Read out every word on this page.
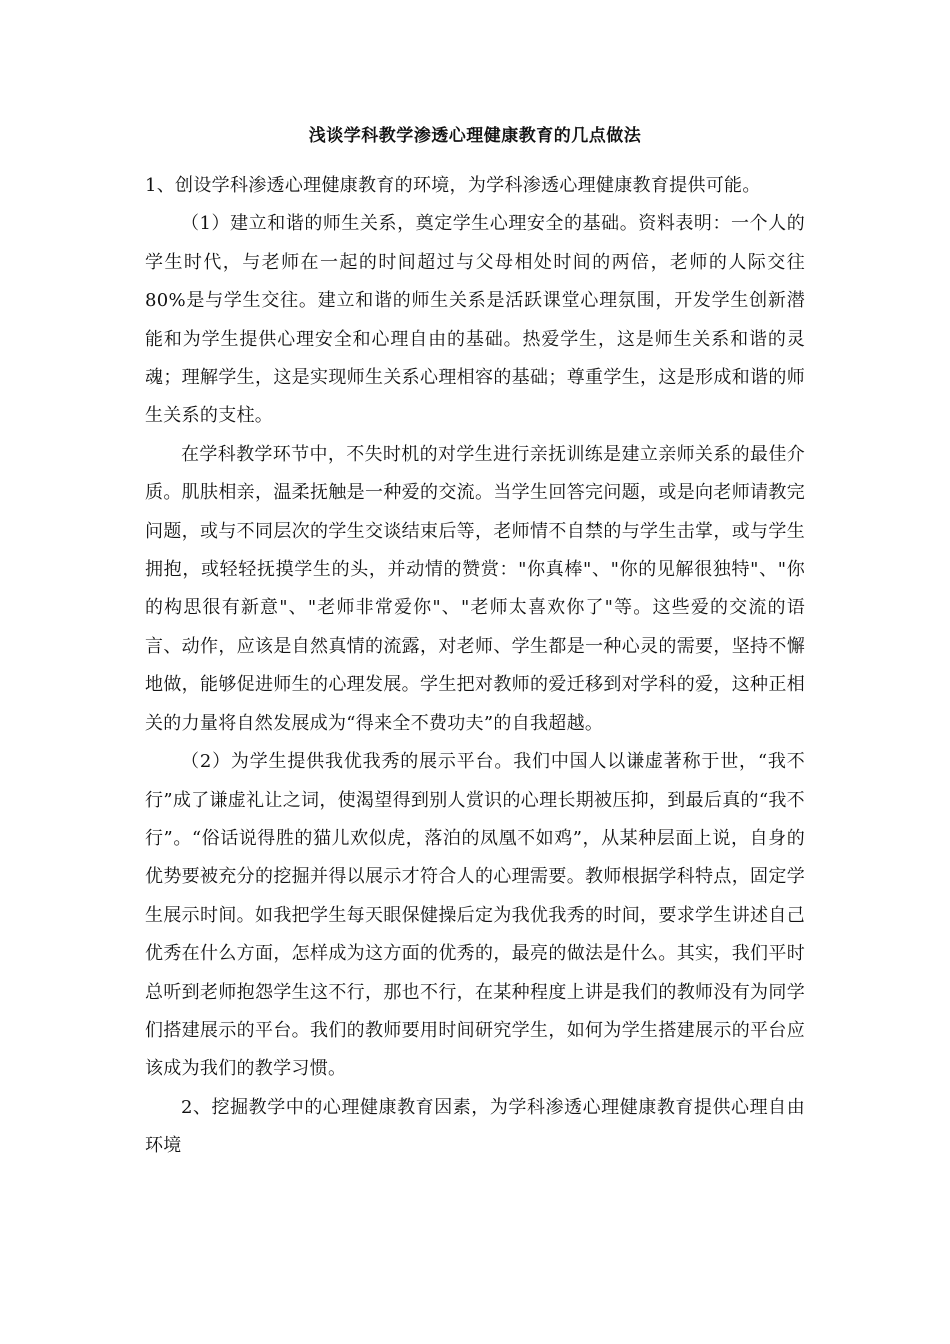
浅谈学科教学渗透心理健康教育的几点做法

1、创设学科渗透心理健康教育的环境，为学科渗透心理健康教育提供可能。

（1）建立和谐的师生关系，奠定学生心理安全的基础。资料表明：一个人的学生时代，与老师在一起的时间超过与父母相处时间的两倍，老师的人际交往80%是与学生交往。建立和谐的师生关系是活跃课堂心理氛围，开发学生创新潜能和为学生提供心理安全和心理自由的基础。热爱学生，这是师生关系和谐的灵魂；理解学生，这是实现师生关系心理相容的基础；尊重学生，这是形成和谐的师生关系的支柱。

在学科教学环节中，不失时机的对学生进行亲抚训练是建立亲师关系的最佳介质。肌肤相亲，温柔抚触是一种爱的交流。当学生回答完问题，或是向老师请教完问题，或与不同层次的学生交谈结束后等，老师情不自禁的与学生击掌，或与学生拥抱，或轻轻抚摸学生的头，并动情的赞赏："你真棒"、"你的见解很独特"、"你的构思很有新意"、"老师非常爱你"、"老师太喜欢你了"等。这些爱的交流的语言、动作，应该是自然真情的流露，对老师、学生都是一种心灵的需要，坚持不懈地做，能够促进师生的心理发展。学生把对教师的爱迁移到对学科的爱，这种正相关的力量将自然发展成为“得来全不费功夫”的自我超越。

（2）为学生提供我优我秀的展示平台。我们中国人以谦虚著称于世，“我不行”成了谦虚礼让之词，使渴望得到别人赏识的心理长期被压抑，到最后真的“我不行”。“俗话说得胜的猫儿欢似虎，落泊的凤凰不如鸡”，从某种层面上说，自身的优势要被充分的挖掘并得以展示才符合人的心理需要。教师根据学科特点，固定学生展示时间。如我把学生每天眼保健操后定为我优我秀的时间，要求学生讲述自己优秀在什么方面，怎样成为这方面的优秀的，最亮的做法是什么。其实，我们平时总听到老师抱怨学生这不行，那也不行，在某种程度上讲是我们的教师没有为同学们搭建展示的平台。我们的教师要用时间研究学生，如何为学生搭建展示的平台应该成为我们的教学习惯。

2、挖掘教学中的心理健康教育因素，为学科渗透心理健康教育提供心理自由环境
